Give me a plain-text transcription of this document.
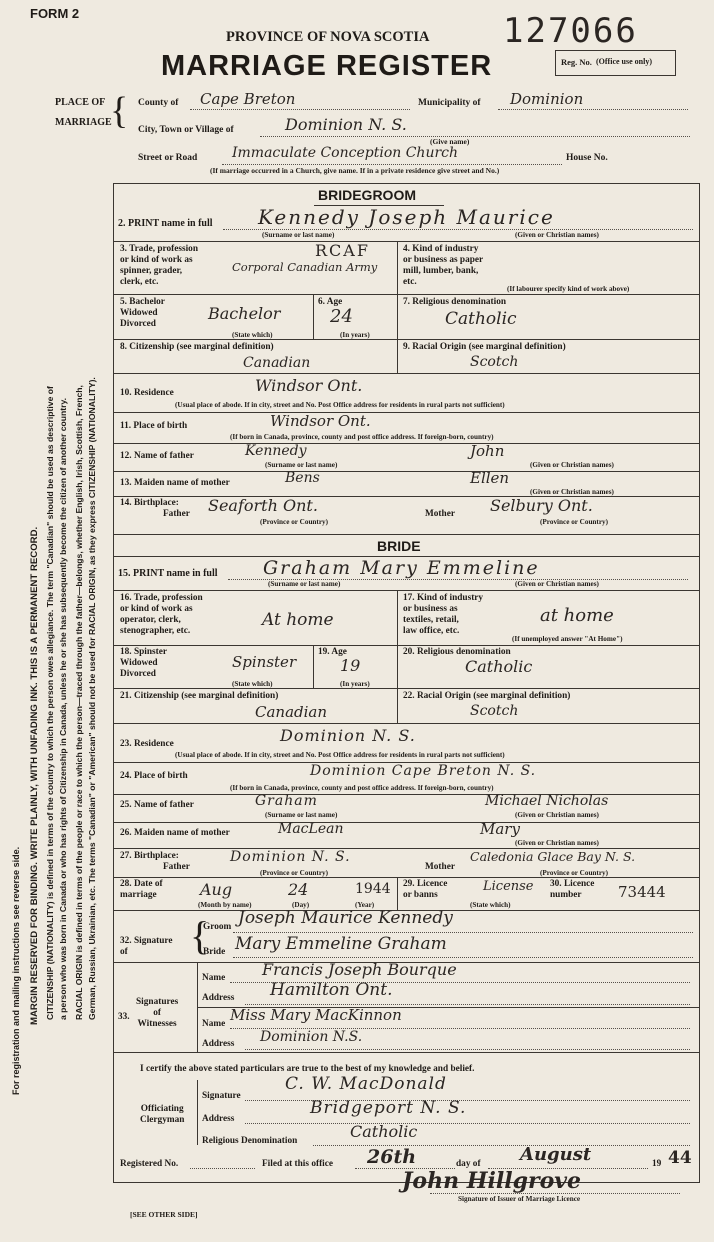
FORM 2
PROVINCE OF NOVA SCOTIA
MARRIAGE REGISTER
127066
Reg. No. (Office use only)
PLACE OF
MARRIAGE
{ County of Cape Breton	Municipality of Dominion
City, Town or Village of	Dominion N. S.
(Give name)
Street or Road Immaculate Conception Church	House No.
(If marriage occurred in a Church, give name. If in a private residence give street and No.)
For registration and mailing instructions see reverse side. MARGIN RESERVED FOR BINDING. WRITE PLAINLY, WITH UNFADING INK. THIS IS A PERMANENT RECORD. CITIZENSHIP (NATIONALITY) is defined in terms of the country to which the person owes allegiance. The term "Canadian" should be used as descriptive of a person who was born in Canada or who has rights of Citizenship in Canada, unless he or she has subsequently become the citizen of another country. RACIAL ORIGIN is defined in terms of the people or race to which the person—traced through the father—belongs, whether English, Irish, Scottish, French, German, Russian, Ukrainian, etc. The terms "Canadian" or "American" should not be used for RACIAL ORIGIN, as they express CITIZENSHIP (NATIONALITY).
BRIDEGROOM
2. PRINT name in full Kennedy Joseph Maurice
(Surname or last name)	(Given or Christian names)
3. Trade, profession
or kind of work as
spinner, grader,
clerk, etc.
RCAF
Corporal Canadian Army
4. Kind of industry
or business as paper
mill, lumber, bank,
etc.
(If labourer specify kind of work above)
5. Bachelor
Widowed
Divorced
Bachelor
(State which)
6. Age
24
(In years)
7. Religious denomination
Catholic
8. Citizenship (see marginal definition)
Canadian
9. Racial Origin (see marginal definition)
Scotch
10. Residence	Windsor Ont.
(Usual place of abode. If in city, street and No. Post Office address for residents in rural parts not sufficient)
11. Place of birth	Windsor Ont.
(If born in Canada, province, county and post office address. If foreign-born, country)
12. Name of father	Kennedy	John
(Surname or last name)	(Given or Christian names)
13. Maiden name of mother	Bens	Ellen
(Given or Christian names)
14. Birthplace:
Father Seaforth Ont.	Mother Selbury Ont.
(Province or Country)	(Province or Country)
BRIDE
15. PRINT name in full Graham Mary Emmeline
(Surname or last name)	(Given or Christian names)
16. Trade, profession
or kind of work as
operator, clerk,
stenographer, etc.
At home
17. Kind of industry
or business as
textiles, retail,
law office, etc.
at home
(If unemployed answer "At Home")
18. Spinster
Widowed
Divorced
Spinster
(State which)
19. Age
19
(In years)
20. Religious denomination
Catholic
21. Citizenship (see marginal definition)
Canadian
22. Racial Origin (see marginal definition)
Scotch
23. Residence	Dominion N. S.
(Usual place of abode. If in city, street and No. Post Office address for residents in rural parts not sufficient)
24. Place of birth	Dominion Cape Breton N. S.
(If born in Canada, province, county and post office address. If foreign-born, country)
25. Name of father	Graham	Michael Nicholas
(Surname or last name)	(Given or Christian names)
26. Maiden name of mother	MacLean	Mary
(Given or Christian names)
27. Birthplace:
Father
Dominion N. S.
Mother
Caledonia Glace Bay N. S.
(Province or Country)	(Province or Country)
28. Date of
marriage	Aug	24	1944
(Month by name)	(Day)	(Year)
29. Licence
or banns
License
(State which)
30. Licence
number	73444
32. Signature
of	{
Groom Joseph Maurice Kennedy
Bride Mary Emmeline Graham
Signatures
of
Witnesses
33.
Name Francis Joseph Bourque
Address Hamilton Ont.
Name Miss Mary MacKinnon
Address Dominion N.S.
I certify the above stated particulars are true to the best of my knowledge and belief.
Officiating
Clergyman
Signature
C. W. MacDonald
Address
Bridgeport N. S.
Religious Denomination	Catholic
Registered No.	Filed at this office 26th	day of August	19 44
John Hillgrove
Signature of Issuer of Marriage Licence
[SEE OTHER SIDE]
